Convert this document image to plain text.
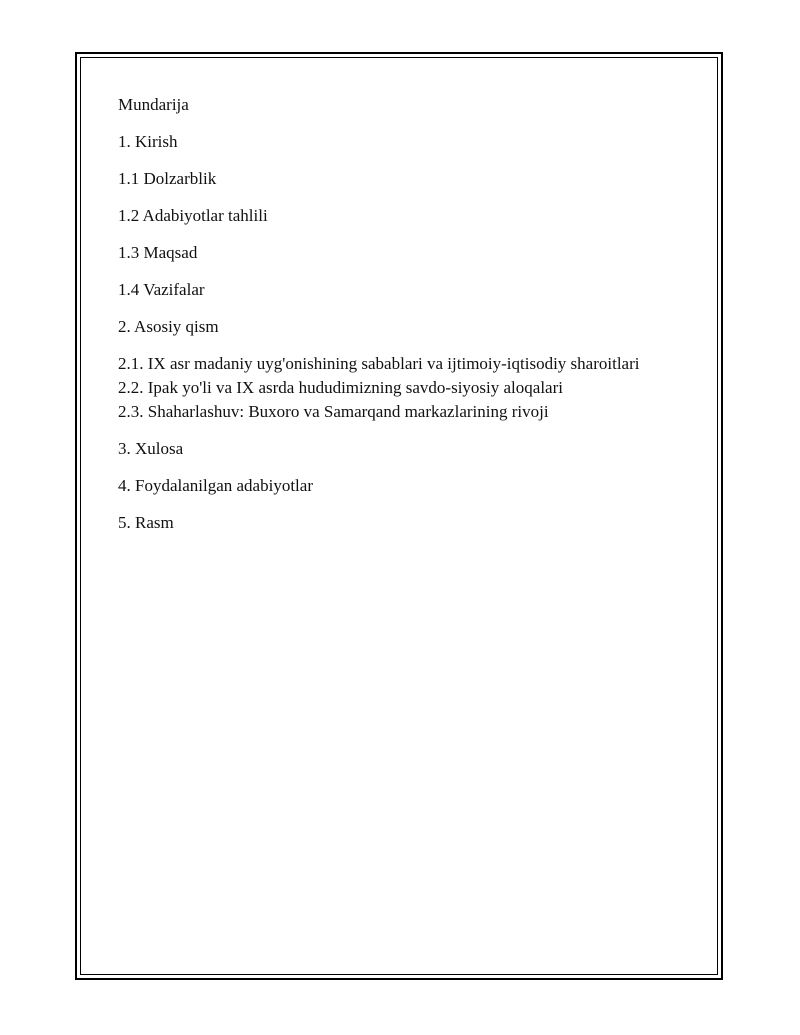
Mundarija

1. Kirish

1.1 Dolzarblik

1.2 Adabiyotlar tahlili

1.3 Maqsad

1.4 Vazifalar

2. Asosiy qism

2.1. IX asr madaniy uyg'onishining sabablari va ijtimoiy-iqtisodiy sharoitlari

2.2. Ipak yo'li va IX asrda hududimizning savdo-siyosiy aloqalari

2.3. Shaharlashuv: Buxoro va Samarqand markazlarining rivoji

3. Xulosa

4. Foydalanilgan adabiyotlar

5. Rasm
